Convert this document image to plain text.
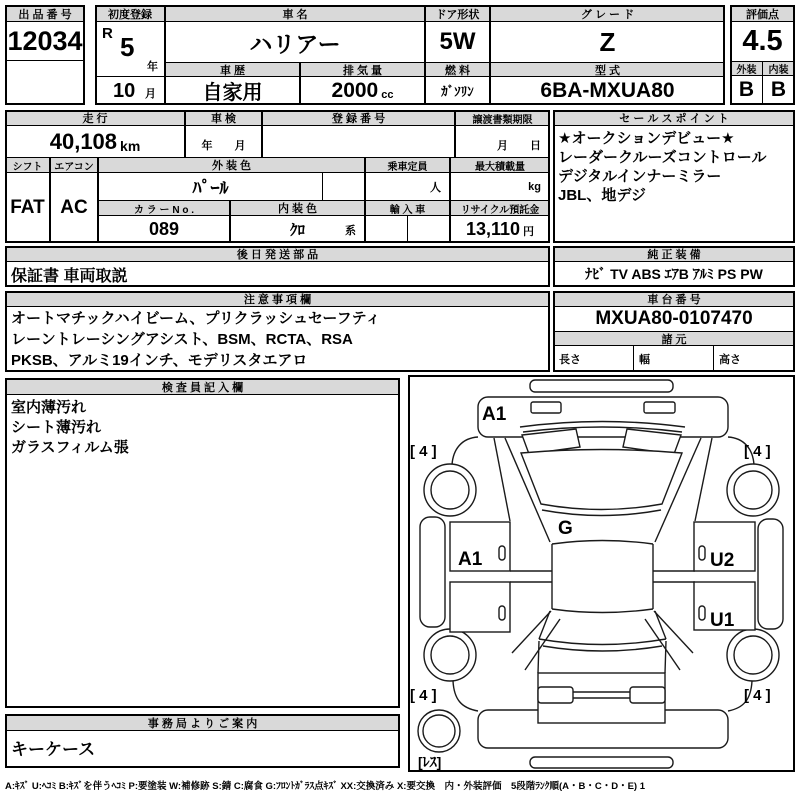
出 品 番 号
12034
初度登録
R 5
年
10 月
車 名
ハリアー
車 歴
自家用
排 気 量
2000 cc
ドア形状
5W
燃 料
ｶﾞｿﾘﾝ
グ レ ー ド
Z
型 式
6BA-MXUA80
評価点
4.5
外装	内装
B B
走 行
40,108 km
車 検
年　　月
登 録 番 号	譲渡書類期限
月　　日
シフト
FAT
エアコン
AC
外 装 色
ﾊﾟｰﾙ
乗車定員
人
最大積載量
kg
カ ラ ー N o .
089
内 装 色
ｸﾛ	系
輸 入 車	リサイクル預託金
13,110 円
セ ー ル ス ポ イ ン ト
★オークションデビュー★
レーダークルーズコントロール
デジタルインナーミラー
JBL、地デジ
後 日 発 送 部 品
保証書 車両取説
純 正 装 備
ﾅﾋﾞ TV ABS ｴｱB ｱﾙﾐ PS PW
注 意 事 項 欄
オートマチックハイビーム、プリクラッシュセーフティ
レーントレーシングアシスト、BSM、RCTA、RSA
PKSB、アルミ19インチ、モデリスタエアロ
車 台 番 号
MXUA80-0107470
諸 元
長さ	幅	高さ
検 査 員 記 入 欄
室内薄汚れ
シート薄汚れ
ガラスフィルム張
事 務 局 よ り ご 案 内
キーケース
A1
[ 4 ]	[ 4 ]
G
A1	U2
U1
[ 4 ]	[ 4 ]
[ﾚｽ]
A:ｷｽﾞ U:ﾍｺﾐ B:ｷｽﾞを伴うﾍｺﾐ P:要塗装 W:補修跡 S:錆 C:腐食 G:ﾌﾛﾝﾄｶﾞﾗｽ点ｷｽﾞ XX:交換済み X:要交換　内・外装評価　5段階ﾗﾝｸ順(A・B・C・D・E) 1
